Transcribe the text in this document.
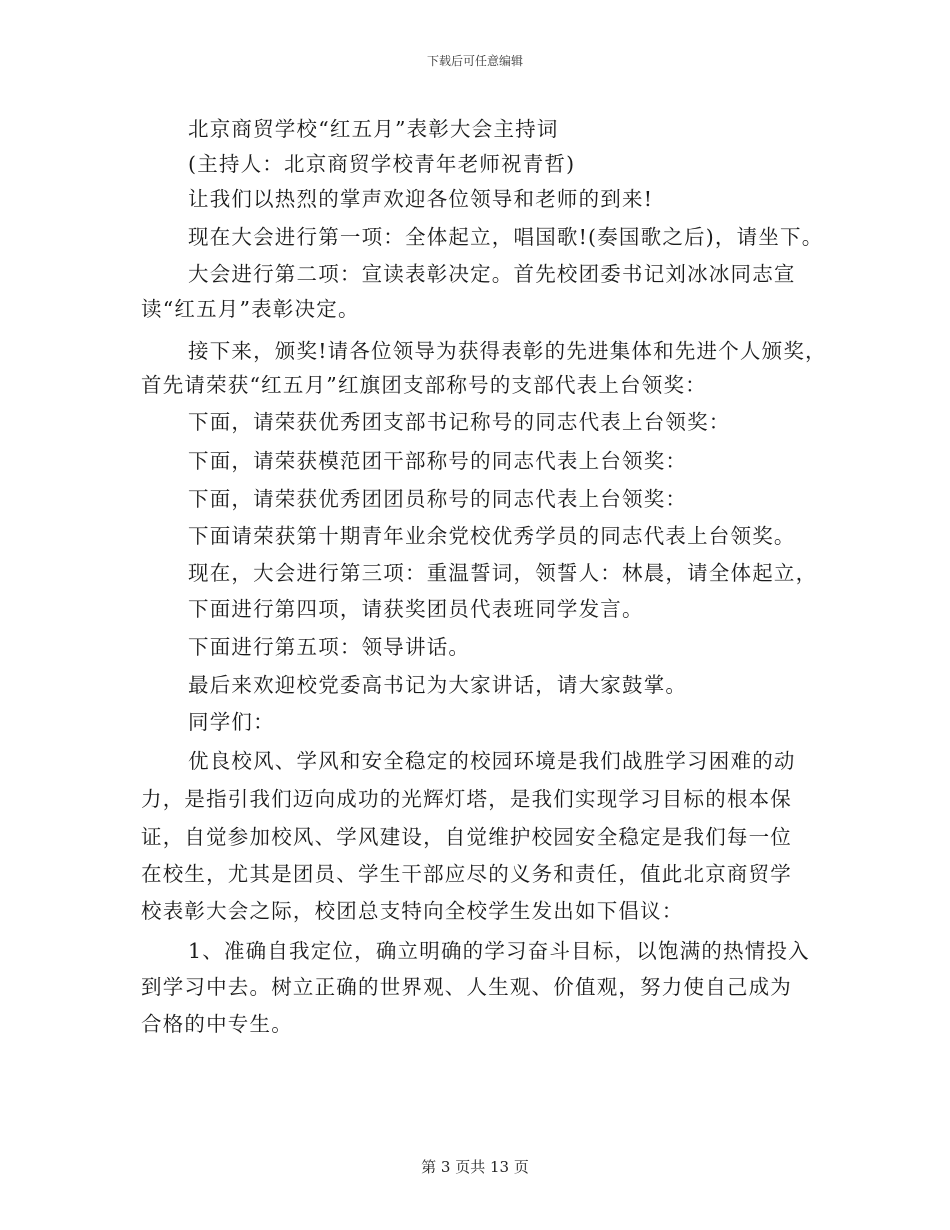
下载后可任意编辑
北京商贸学校“红五月”表彰大会主持词
(主持人：北京商贸学校青年老师祝青哲)
让我们以热烈的掌声欢迎各位领导和老师的到来!
现在大会进行第一项：全体起立，唱国歌!(奏国歌之后)，请坐下。
大会进行第二项：宣读表彰决定。首先校团委书记刘冰冰同志宣
读“红五月”表彰决定。
接下来，颁奖!请各位领导为获得表彰的先进集体和先进个人颁奖，
首先请荣获“红五月”红旗团支部称号的支部代表上台领奖：
下面，请荣获优秀团支部书记称号的同志代表上台领奖：
下面，请荣获模范团干部称号的同志代表上台领奖：
下面，请荣获优秀团团员称号的同志代表上台领奖：
下面请荣获第十期青年业余党校优秀学员的同志代表上台领奖。
现在，大会进行第三项：重温誓词，领誓人：林晨，请全体起立，
下面进行第四项，请获奖团员代表班同学发言。
下面进行第五项：领导讲话。
最后来欢迎校党委高书记为大家讲话，请大家鼓掌。
同学们：
优良校风、学风和安全稳定的校园环境是我们战胜学习困难的动
力，是指引我们迈向成功的光辉灯塔，是我们实现学习目标的根本保
证，自觉参加校风、学风建设，自觉维护校园安全稳定是我们每一位
在校生，尤其是团员、学生干部应尽的义务和责任，值此北京商贸学
校表彰大会之际，校团总支特向全校学生发出如下倡议：
1、准确自我定位，确立明确的学习奋斗目标，以饱满的热情投入
到学习中去。树立正确的世界观、人生观、价值观，努力使自己成为
合格的中专生。
第 3 页共 13 页
